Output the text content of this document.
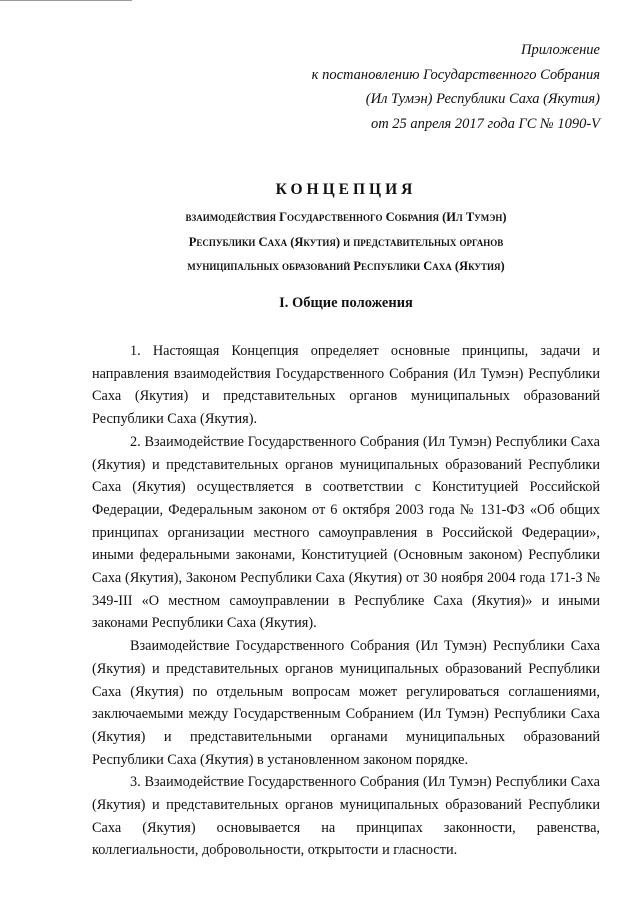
Приложение
к постановлению Государственного Собрания
(Ил Тумэн) Республики Саха (Якутия)
от 25 апреля 2017 года ГС № 1090-V
КОНЦЕПЦИЯ
взаимодействия Государственного Собрания (Ил Тумэн)
Республики Саха (Якутия) и представительных органов
муниципальных образований Республики Саха (Якутия)
I. Общие положения

1. Настоящая Концепция определяет основные принципы, задачи и направления взаимодействия Государственного Собрания (Ил Тумэн) Республики Саха (Якутия) и представительных органов муниципальных образований Республики Саха (Якутия).

2. Взаимодействие Государственного Собрания (Ил Тумэн) Республики Саха (Якутия) и представительных органов муниципальных образований Республики Саха (Якутия) осуществляется в соответствии с Конституцией Российской Федерации, Федеральным законом от 6 октября 2003 года № 131-ФЗ «Об общих принципах организации местного самоуправления в Российской Федерации», иными федеральными законами, Конституцией (Основным законом) Республики Саха (Якутия), Законом Республики Саха (Якутия) от 30 ноября 2004 года 171-З № 349-III «О местном самоуправлении в Республике Саха (Якутия)» и иными законами Республики Саха (Якутия).

Взаимодействие Государственного Собрания (Ил Тумэн) Республики Саха (Якутия) и представительных органов муниципальных образований Республики Саха (Якутия) по отдельным вопросам может регулироваться соглашениями, заключаемыми между Государственным Собранием (Ил Тумэн) Республики Саха (Якутия) и представительными органами муниципальных образований Республики Саха (Якутия) в установленном законом порядке.

3. Взаимодействие Государственного Собрания (Ил Тумэн) Республики Саха (Якутия) и представительных органов муниципальных образований Республики Саха (Якутия) основывается на принципах законности, равенства, коллегиальности, добровольности, открытости и гласности.
